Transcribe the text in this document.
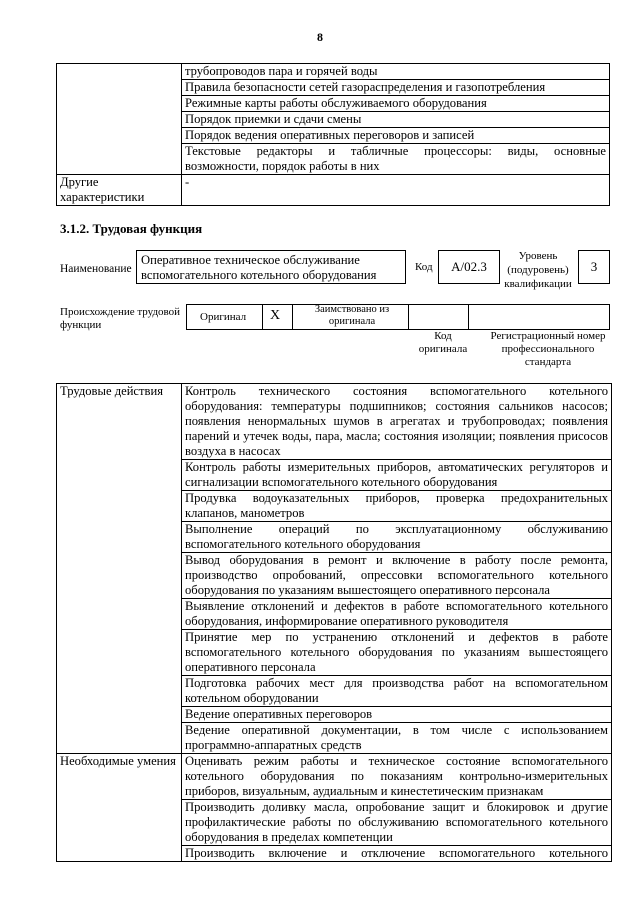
8
	трубопроводов пара и горячей воды
	Правила безопасности сетей газораспределения и газопотребления
	Режимные карты работы обслуживаемого оборудования
	Порядок приемки и сдачи смены
	Порядок ведения оперативных переговоров и записей
	Текстовые редакторы и табличные процессоры: виды, основные возможности, порядок работы в них
Другие характеристики	-
3.1.2. Трудовая функция
Наименование
Оперативное техническое обслуживание вспомогательного котельного оборудования
Код	А/02.3
Уровень (подуровень) квалификации
3
Происхождение трудовой функции
Оригинал X	Заимствовано из оригинала
Код оригинала
Регистрационный номер профессионального стандарта
Трудовые действия	Контроль технического состояния вспомогательного котельного оборудования: температуры подшипников; состояния сальников насосов; появления ненормальных шумов в агрегатах и трубопроводах; появления парений и утечек воды, пара, масла; состояния изоляции; появления присосов воздуха в насосах
	Контроль работы измерительных приборов, автоматических регуляторов и сигнализации вспомогательного котельного оборудования
	Продувка водоуказательных приборов, проверка предохранительных клапанов, манометров
	Выполнение операций по эксплуатационному обслуживанию вспомогательного котельного оборудования
	Вывод оборудования в ремонт и включение в работу после ремонта, производство опробований, опрессовки вспомогательного котельного оборудования по указаниям вышестоящего оперативного персонала
	Выявление отклонений и дефектов в работе вспомогательного котельного оборудования, информирование оперативного руководителя
	Принятие мер по устранению отклонений и дефектов в работе вспомогательного котельного оборудования по указаниям вышестоящего оперативного персонала
	Подготовка рабочих мест для производства работ на вспомогательном котельном оборудовании
	Ведение оперативных переговоров
	Ведение оперативной документации, в том числе с использованием программно-аппаратных средств
Необходимые умения	Оценивать режим работы и техническое состояние вспомогательного котельного оборудования по показаниям контрольно-измерительных приборов, визуальным, аудиальным и кинестетическим признакам
	Производить доливку масла, опробование защит и блокировок и другие профилактические работы по обслуживанию вспомогательного котельного оборудования в пределах компетенции
	Производить включение и отключение вспомогательного котельного
